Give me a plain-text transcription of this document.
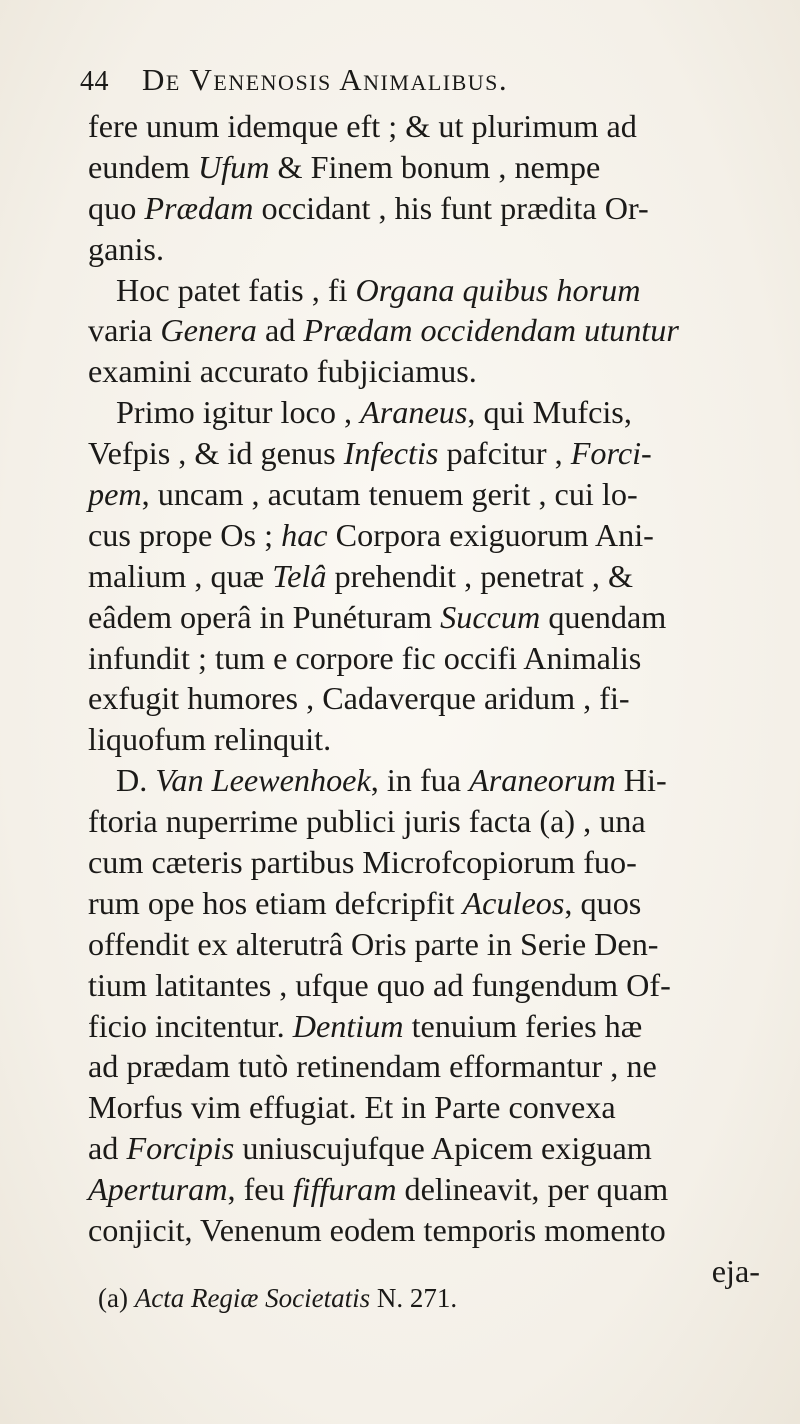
44	De Venenosis Animalibus.
fere unum idemque eft ; & ut plurimum ad
eundem Ufum & Finem bonum , nempe
quo Prædam occidant , his funt prædita Or-
ganis.
Hoc patet fatis , fi Organa quibus horum
varia Genera ad Prædam occidendam utuntur
examini accurato fubjiciamus.
Primo igitur loco , Araneus, qui Mufcis,
Vefpis , & id genus Infectis pafcitur , Forci-
pem, uncam , acutam tenuem gerit , cui lo-
cus prope Os ; hac Corpora exiguorum Ani-
malium , quæ Telâ prehendit , penetrat , &
eâdem operâ in Punéturam Succum quendam
infundit ; tum e corpore fic occifi Animalis
exfugit humores , Cadaverque aridum , fi-
liquofum relinquit.
D. Van Leewenhoek, in fua Araneorum Hi-
ftoria nuperrime publici juris facta (a) , una
cum cæteris partibus Microfcopiorum fuo-
rum ope hos etiam defcripfit Aculeos, quos
offendit ex alterutrâ Oris parte in Serie Den-
tium latitantes , ufque quo ad fungendum Of-
ficio incitentur. Dentium tenuium feries hæ
ad prædam tutò retinendam efformantur , ne
Morfus vim effugiat. Et in Parte convexa
ad Forcipis uniuscujufque Apicem exiguam
Aperturam, feu fiffuram delineavit, per quam
conjicit, Venenum eodem temporis momento
eja-
(a) Acta Regiæ Societatis N. 271.
